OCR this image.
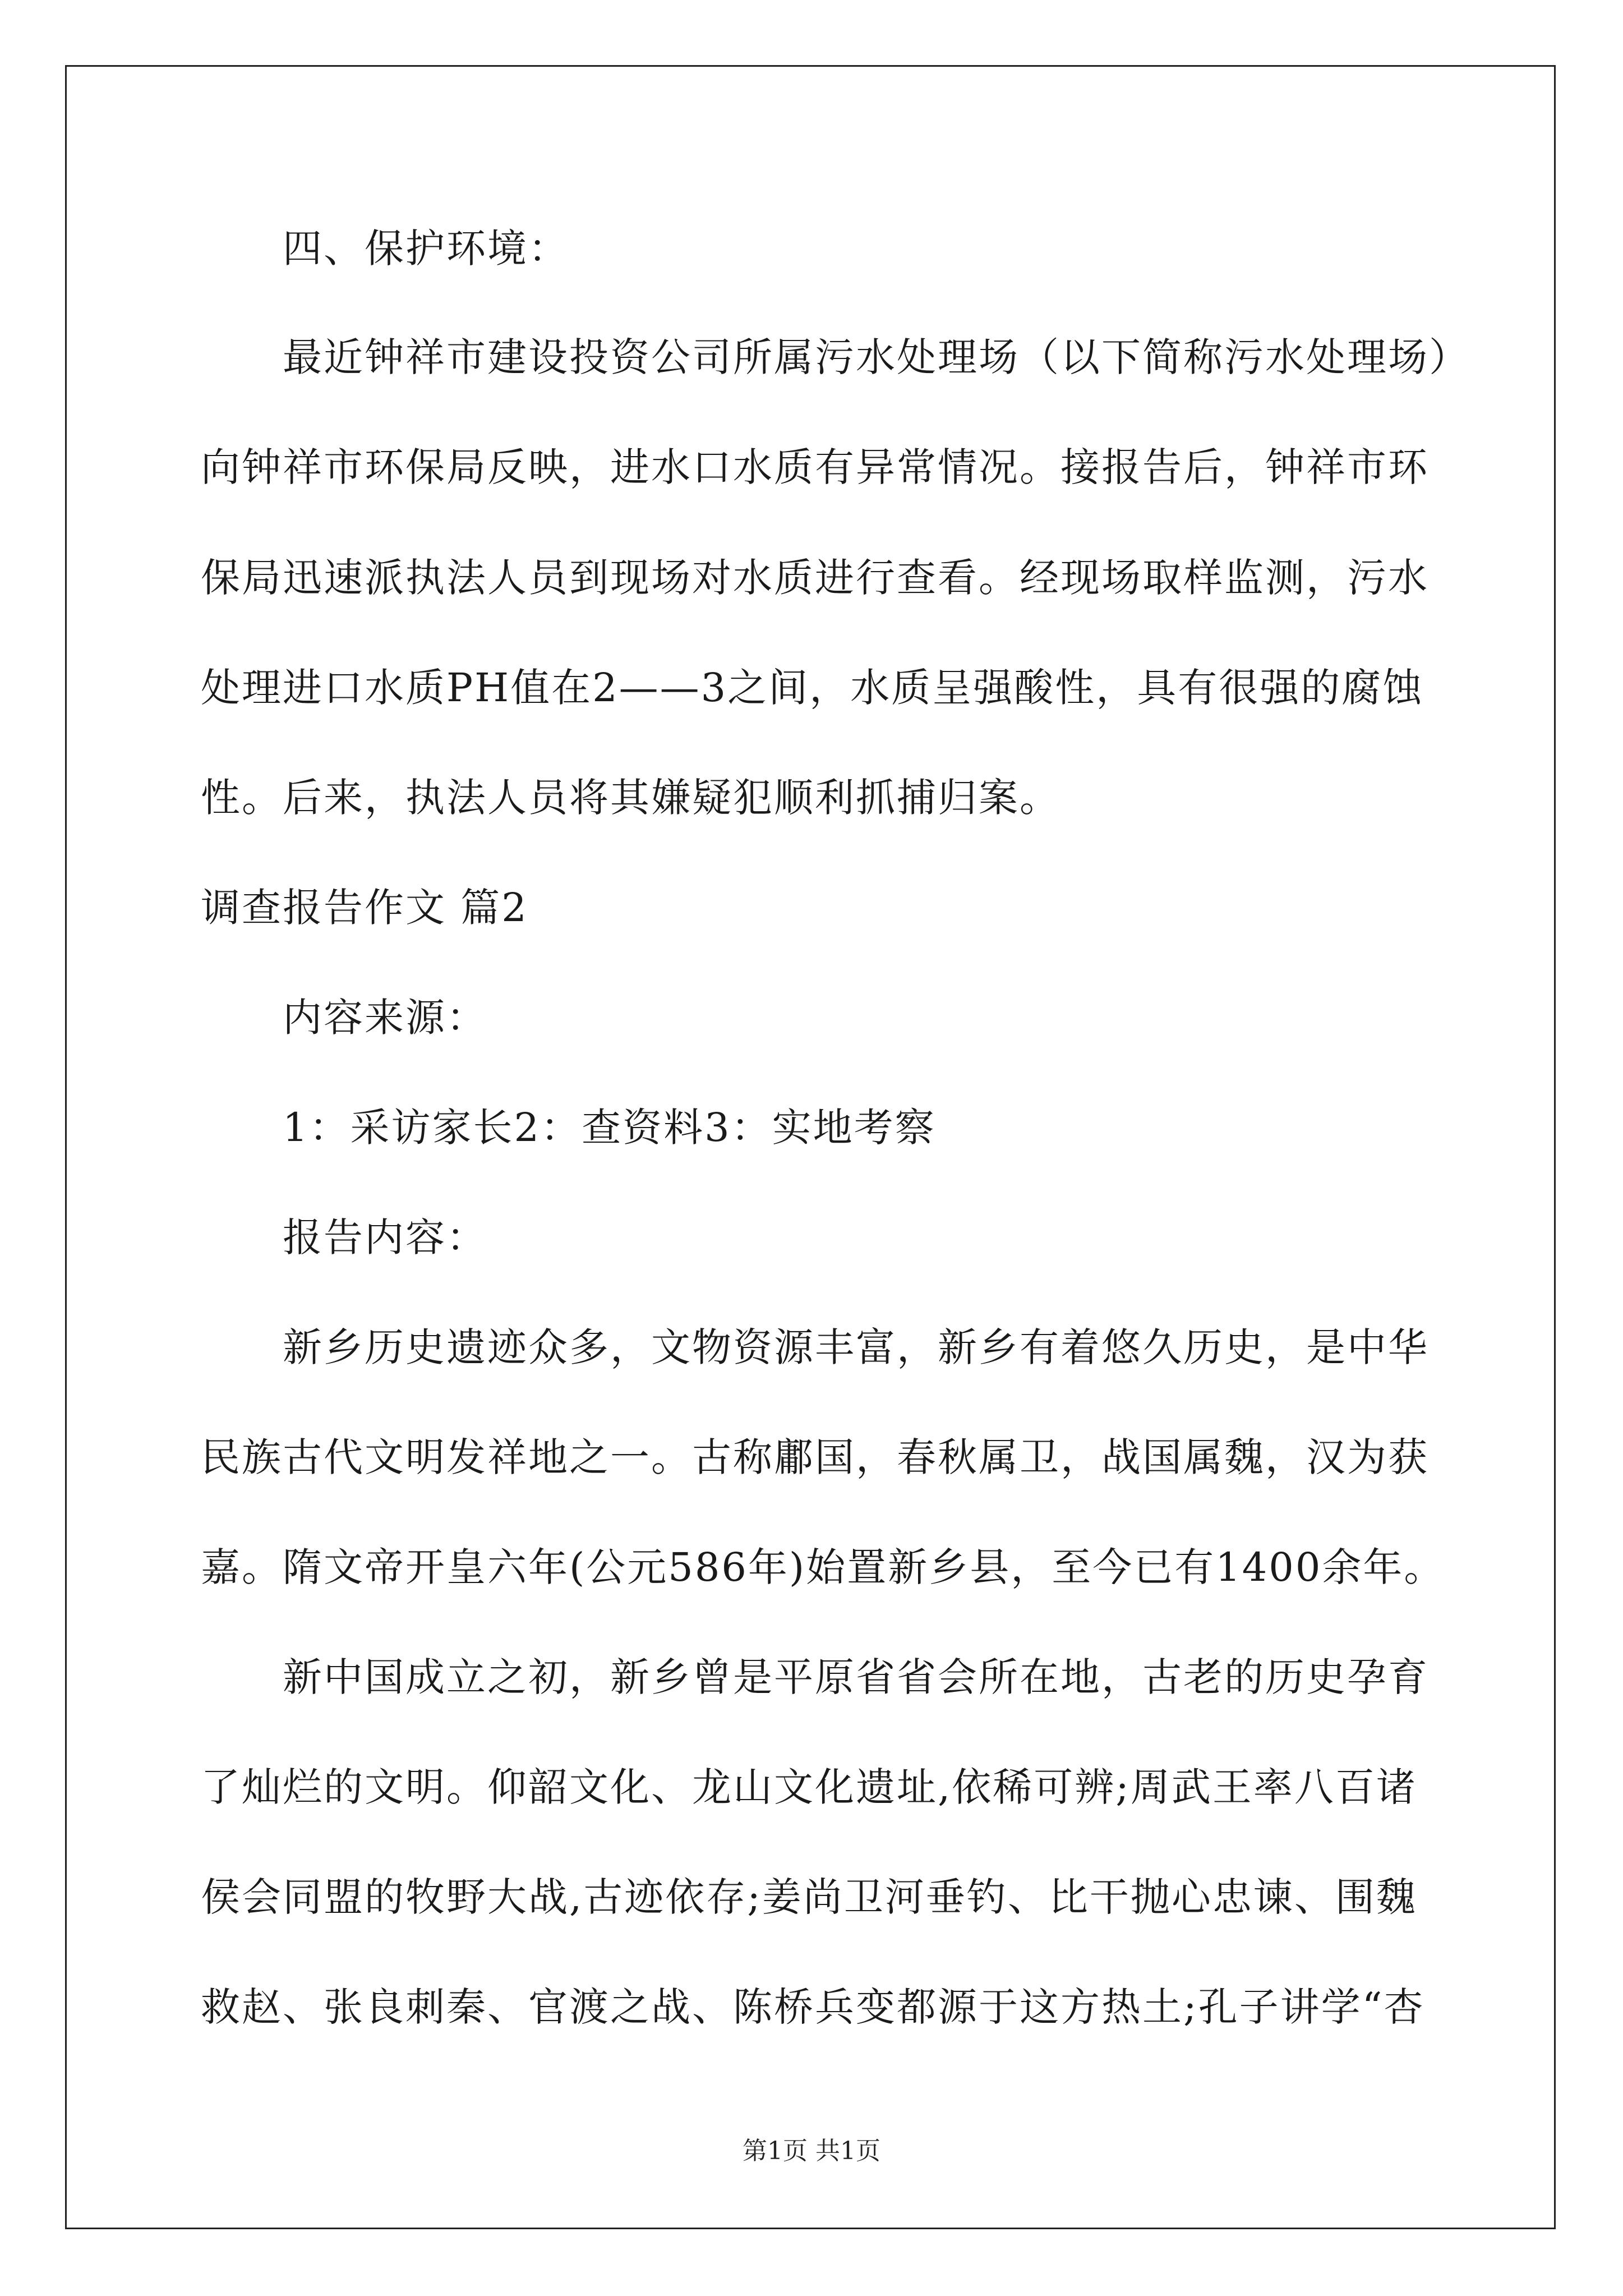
四、保护环境：
最近钟祥市建设投资公司所属污水处理场（以下简称污水处理场）
向钟祥市环保局反映，进水口水质有异常情况。接报告后，钟祥市环
保局迅速派执法人员到现场对水质进行查看。经现场取样监测，污水
处理进口水质PH值在2——3之间，水质呈强酸性，具有很强的腐蚀
性。后来，执法人员将其嫌疑犯顺利抓捕归案。
调查报告作文 篇2
内容来源：
1：采访家长2：查资料3：实地考察
报告内容：
新乡历史遗迹众多，文物资源丰富，新乡有着悠久历史，是中华
民族古代文明发祥地之一。古称鄘国，春秋属卫，战国属魏，汉为获
嘉。隋文帝开皇六年(公元586年)始置新乡县，至今已有1400余年。
新中国成立之初，新乡曾是平原省省会所在地，古老的历史孕育
了灿烂的文明。仰韶文化、龙山文化遗址,依稀可辨;周武王率八百诸
侯会同盟的牧野大战,古迹依存;姜尚卫河垂钓、比干抛心忠谏、围魏
救赵、张良刺秦、官渡之战、陈桥兵变都源于这方热土;孔子讲学“杏
第1页 共1页
